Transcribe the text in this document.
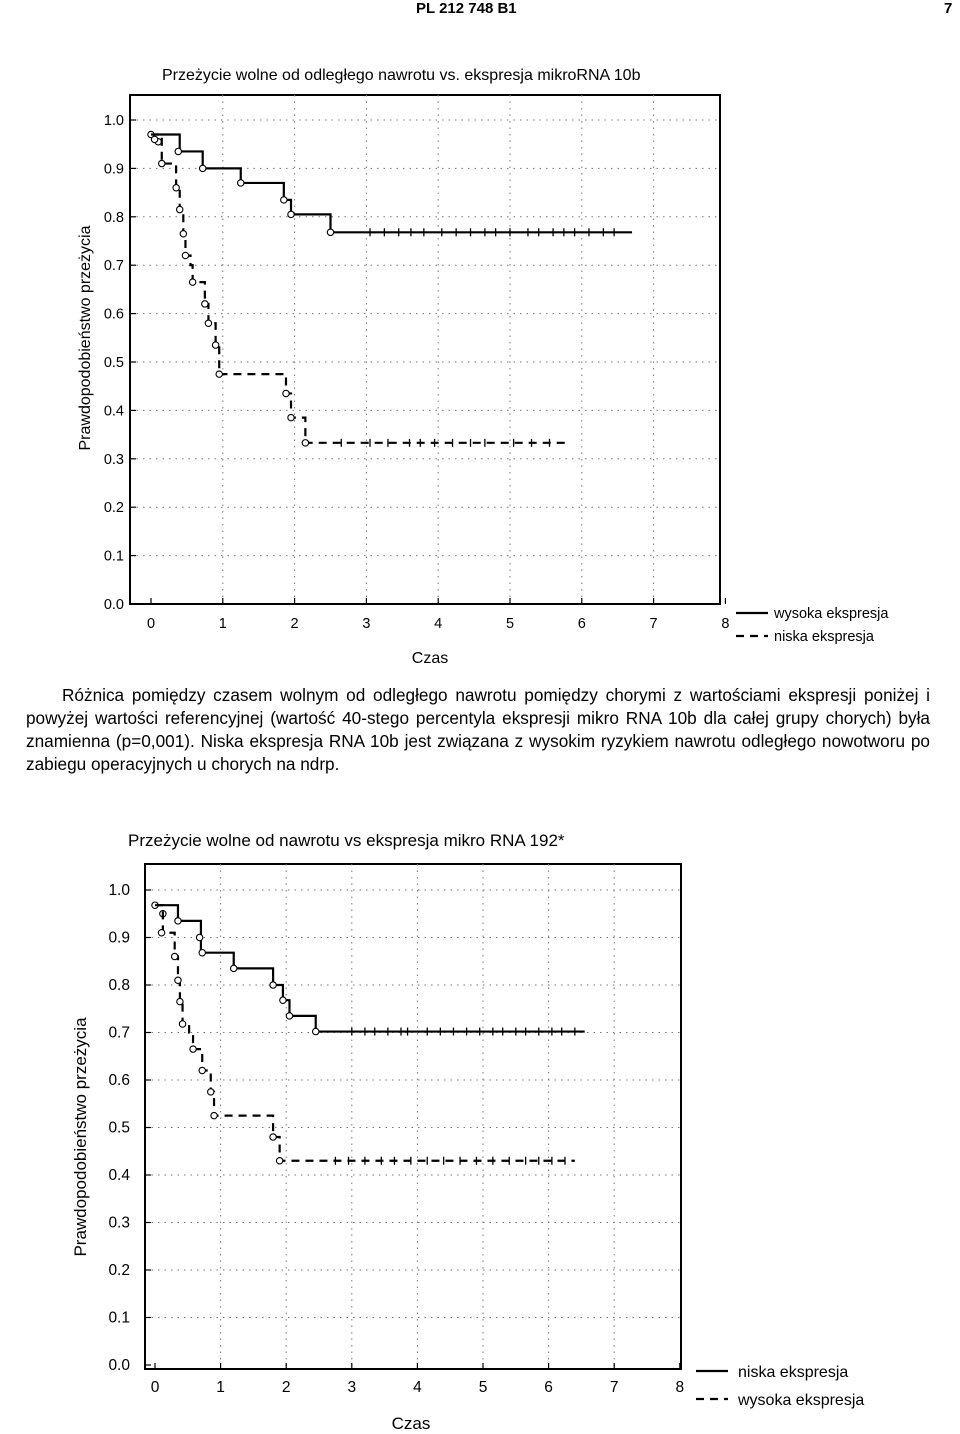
PL 212 748 B1	7
Przeżycie wolne od odległego nawrotu vs. ekspresja mikroRNA 10b
Prawdopodobieństwo przeżycia
Czas
0.0
0.1
0.2
0.3
0.4
0.5
0.6
0.7
0.8
0.9
1.0
0	1	2	3	4	5	6	7	8
wysoka ekspresja
niska ekspresja

Różnica pomiędzy czasem wolnym od odległego nawrotu pomiędzy chorymi z wartościami ekspresji poniżej i powyżej wartości referencyjnej (wartość 40-stego percentyla ekspresji mikro RNA 10b dla całej grupy chorych) była znamienna (p=0,001). Niska ekspresja RNA 10b jest związana z wysokim ryzykiem nawrotu odległego nowotworu po zabiegu operacyjnych u chorych na ndrp.

Przeżycie wolne od nawrotu vs ekspresja mikro RNA 192*
Prawdopodobieństwo przeżycia
Czas
0.0
0.1
0.2
0.3
0.4
0.5
0.6
0.7
0.8
0.9
1.0
0	1	2	3	4	5	6	7	8
niska ekspresja
wysoka ekspresja
